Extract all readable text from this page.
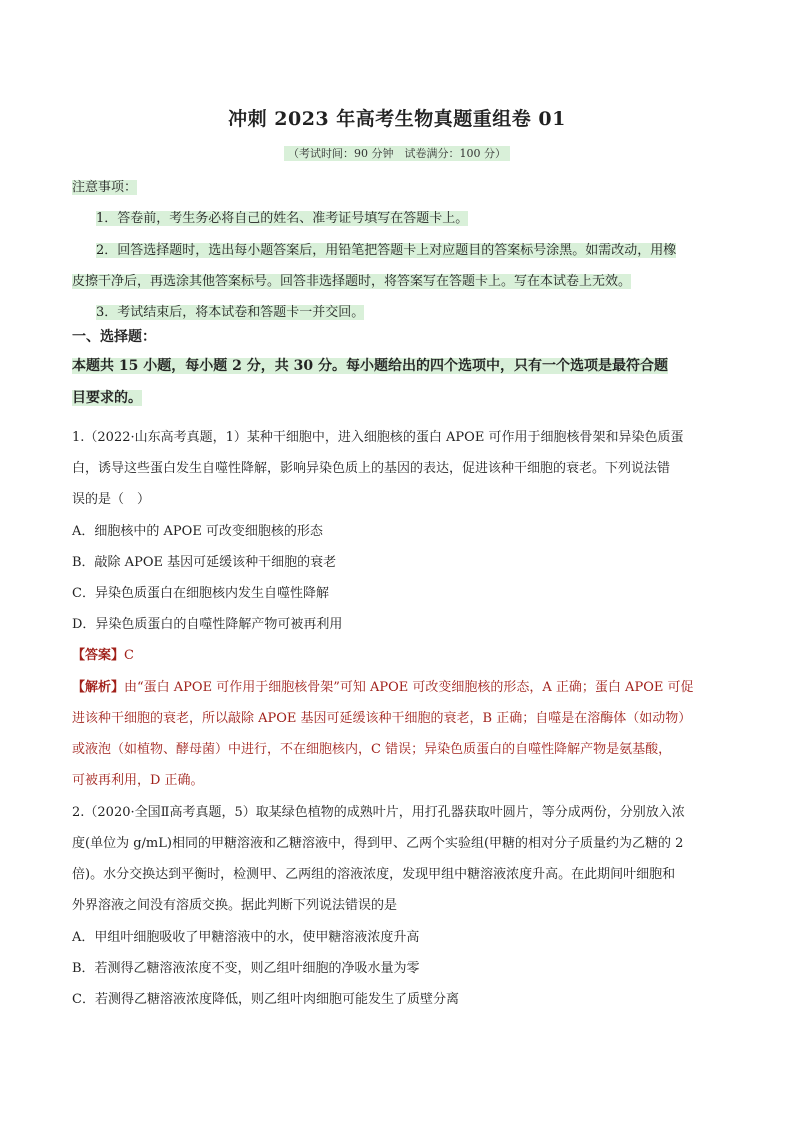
冲刺 2023 年高考生物真题重组卷 01
（考试时间：90 分钟　试卷满分：100 分）
注意事项：
1．答卷前，考生务必将自己的姓名、准考证号填写在答题卡上。
2．回答选择题时，选出每小题答案后，用铅笔把答题卡上对应题目的答案标号涂黑。如需改动，用橡
皮擦干净后，再选涂其他答案标号。回答非选择题时，将答案写在答题卡上。写在本试卷上无效。
3．考试结束后，将本试卷和答题卡一并交回。
一、选择题：
本题共 15 小题，每小题 2 分，共 30 分。每小题给出的四个选项中，只有一个选项是最符合题
目要求的。
1.（2022·山东高考真题，1）某种干细胞中，进入细胞核的蛋白 APOE 可作用于细胞核骨架和异染色质蛋
白，诱导这些蛋白发生自噬性降解，影响异染色质上的基因的表达，促进该种干细胞的衰老。下列说法错
误的是（　）
A．细胞核中的 APOE 可改变细胞核的形态
B．敲除 APOE 基因可延缓该种干细胞的衰老
C．异染色质蛋白在细胞核内发生自噬性降解
D．异染色质蛋白的自噬性降解产物可被再利用
【答案】C
【解析】由“蛋白 APOE 可作用于细胞核骨架”可知 APOE 可改变细胞核的形态，A 正确；蛋白 APOE 可促
进该种干细胞的衰老，所以敲除 APOE 基因可延缓该种干细胞的衰老，B 正确；自噬是在溶酶体（如动物）
或液泡（如植物、酵母菌）中进行，不在细胞核内，C 错误；异染色质蛋白的自噬性降解产物是氨基酸，
可被再利用，D 正确。
2.（2020·全国Ⅱ高考真题，5）取某绿色植物的成熟叶片，用打孔器获取叶圆片，等分成两份，分别放入浓
度(单位为 g/mL)相同的甲糖溶液和乙糖溶液中，得到甲、乙两个实验组(甲糖的相对分子质量约为乙糖的 2
倍)。水分交换达到平衡时，检测甲、乙两组的溶液浓度，发现甲组中糖溶液浓度升高。在此期间叶细胞和
外界溶液之间没有溶质交换。据此判断下列说法错误的是
A．甲组叶细胞吸收了甲糖溶液中的水，使甲糖溶液浓度升高
B．若测得乙糖溶液浓度不变，则乙组叶细胞的净吸水量为零
C．若测得乙糖溶液浓度降低，则乙组叶肉细胞可能发生了质壁分离
